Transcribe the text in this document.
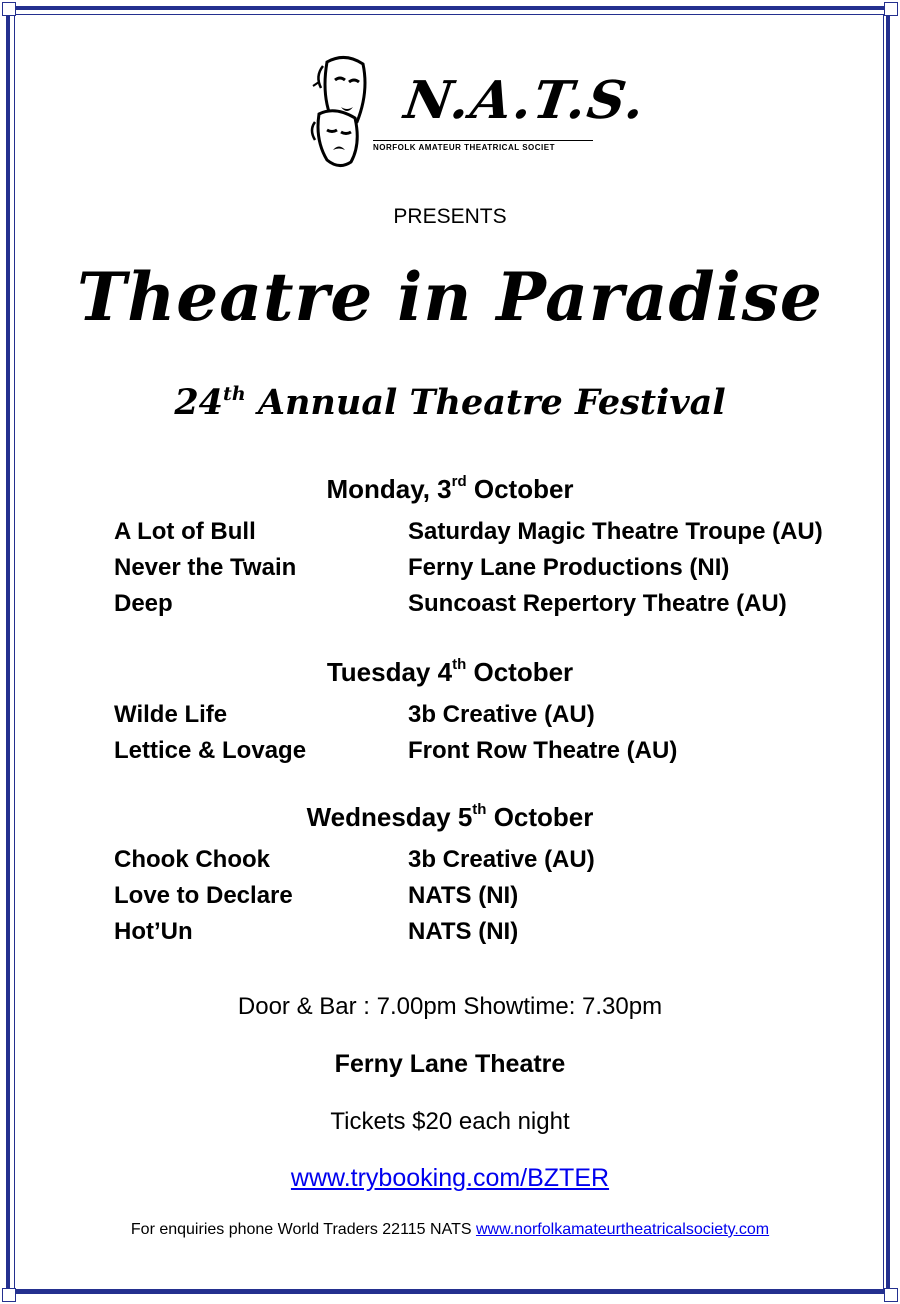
N.A.T.S.
NORFOLK AMATEUR THEATRICAL SOCIET
PRESENTS
Theatre in Paradise
24th Annual Theatre Festival
Monday, 3rd October
A Lot of Bull	Saturday Magic Theatre Troupe (AU)
Never the Twain	Ferny Lane Productions (NI)
Deep	Suncoast Repertory Theatre (AU)
Tuesday 4th October
Wilde Life	3b Creative (AU)
Lettice & Lovage	Front Row Theatre (AU)
Wednesday 5th October
Chook Chook	3b Creative (AU)
Love to Declare	NATS (NI)
Hot’Un	NATS (NI)
Door & Bar : 7.00pm Showtime: 7.30pm
Ferny Lane Theatre
Tickets $20 each night
www.trybooking.com/BZTER
For enquiries phone World Traders 22115 NATS www.norfolkamateurtheatricalsociety.com
